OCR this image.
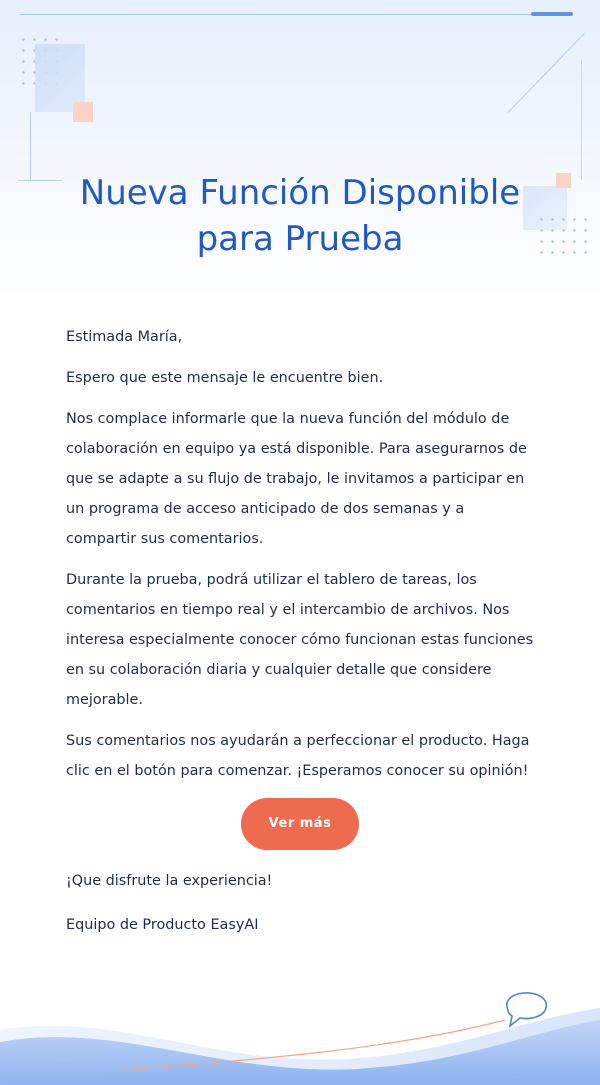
Nueva Función Disponible
para Prueba

Estimada María,

Espero que este mensaje le encuentre bien.

Nos complace informarle que la nueva función del módulo de colaboración en equipo ya está disponible. Para asegurarnos de que se adapte a su flujo de trabajo, le invitamos a participar en un programa de acceso anticipado de dos semanas y a compartir sus comentarios.

Durante la prueba, podrá utilizar el tablero de tareas, los comentarios en tiempo real y el intercambio de archivos. Nos interesa especialmente conocer cómo funcionan estas funciones en su colaboración diaria y cualquier detalle que considere mejorable.

Sus comentarios nos ayudarán a perfeccionar el producto. Haga clic en el botón para comenzar. ¡Esperamos conocer su opinión!

Ver más

¡Que disfrute la experiencia!

Equipo de Producto EasyAI
